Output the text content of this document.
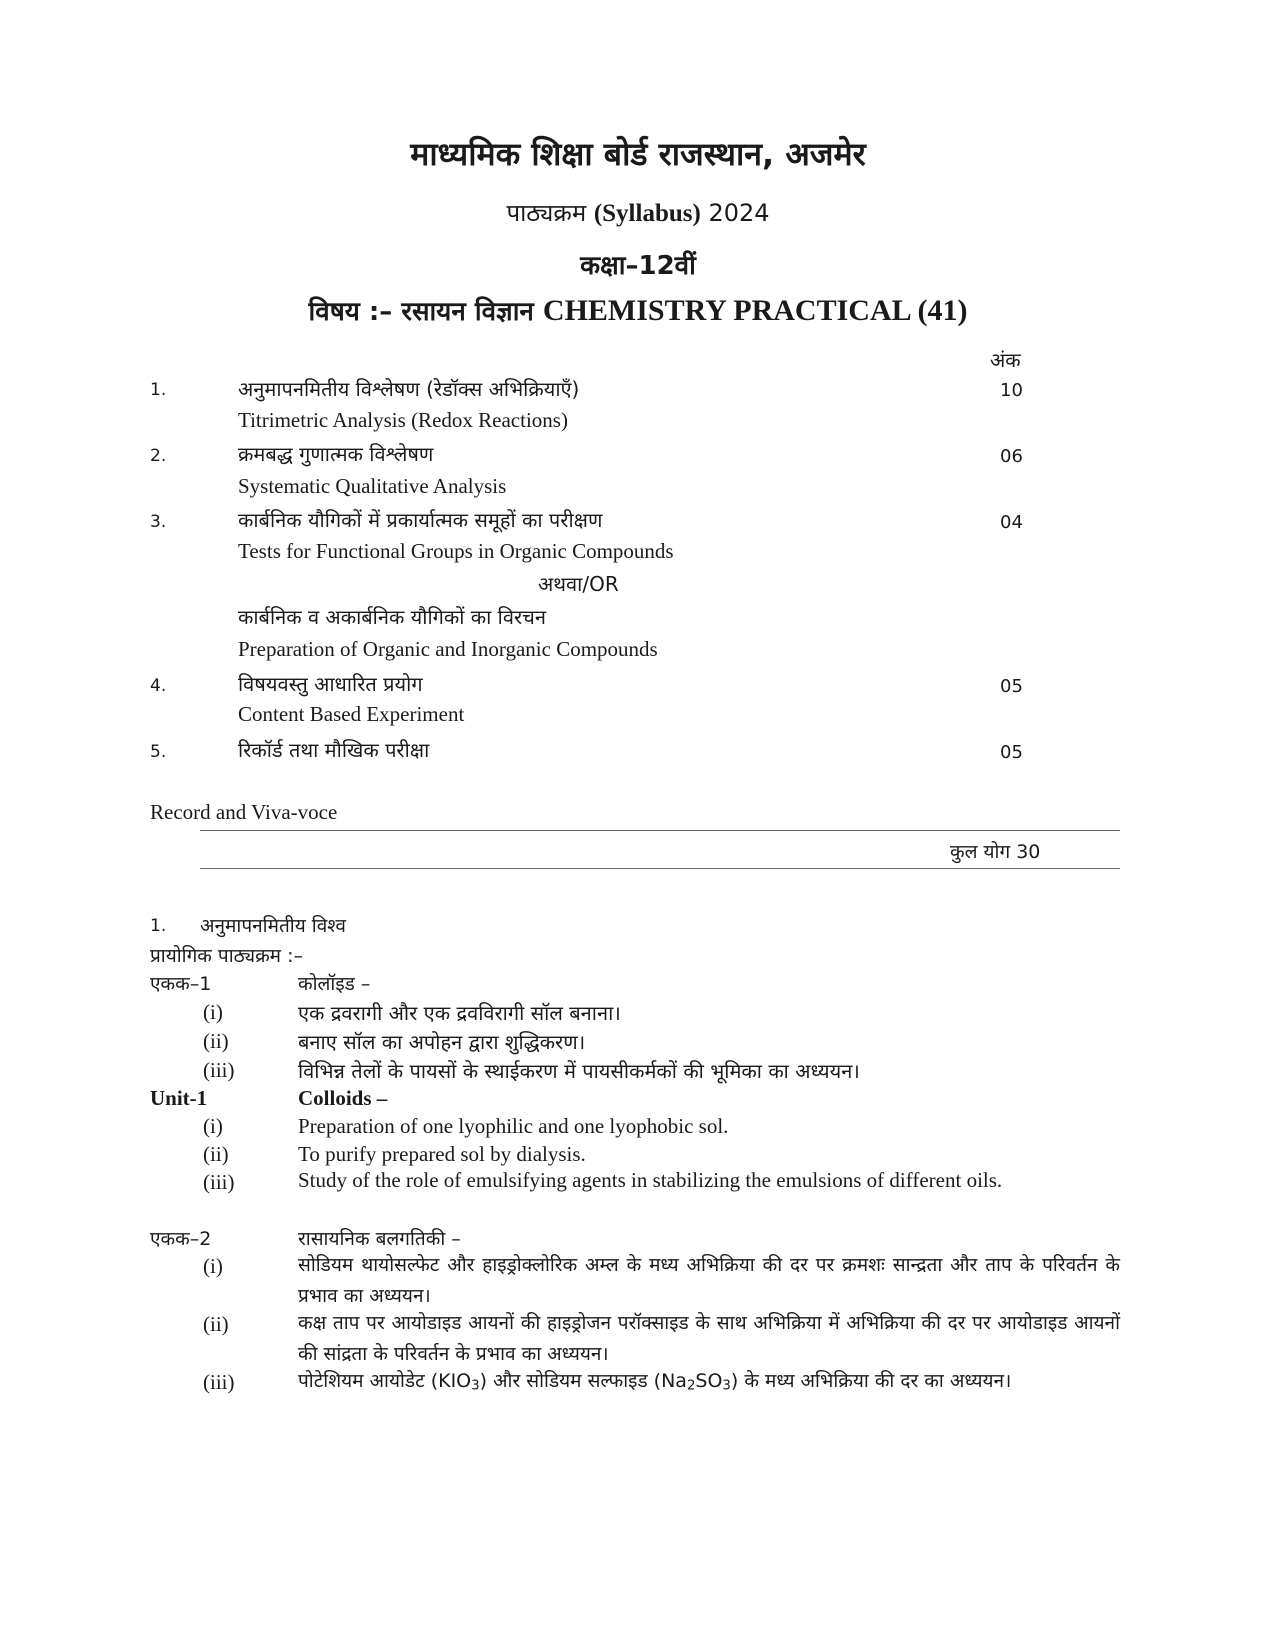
माध्यमिक शिक्षा बोर्ड राजस्थान, अजमेर
पाठ्यक्रम (Syllabus) 2024
कक्षा–12वीं
विषय :– रसायन विज्ञान CHEMISTRY PRACTICAL (41)
अंक
1.	अनुमापनमितीय विश्लेषण (रेडॉक्स अभिक्रियाएँ)	10
Titrimetric Analysis (Redox Reactions)
2.	क्रमबद्ध गुणात्मक विश्लेषण	06
Systematic Qualitative Analysis
3.	कार्बनिक यौगिकों में प्रकार्यात्मक समूहों का परीक्षण	04
Tests for Functional Groups in Organic Compounds
अथवा/OR
कार्बनिक व अकार्बनिक यौगिकों का विरचन
Preparation of Organic and Inorganic Compounds
4.	विषयवस्तु आधारित प्रयोग	05
Content Based Experiment
5.	रिकॉर्ड तथा मौखिक परीक्षा	05
Record and Viva-voce
कुल योग 30
1. अनुमापनमितीय विश्व
प्रायोगिक पाठ्यक्रम :–
एकक–1	कोलॉइड –
(i)	एक द्रवरागी और एक द्रवविरागी सॉल बनाना।
(ii)	बनाए सॉल का अपोहन द्वारा शुद्धिकरण।
(iii)	विभिन्न तेलों के पायसों के स्थाईकरण में पायसीकर्मकों की भूमिका का अध्ययन।
Unit-1	Colloids –
(i)	Preparation of one lyophilic and one lyophobic sol.
(ii)	To purify prepared sol by dialysis.
(iii)	Study of the role of emulsifying agents in stabilizing the emulsions of different oils.
एकक–2	रासायनिक बलगतिकी –
(i)	सोडियम थायोसल्फेट और हाइड्रोक्लोरिक अम्ल के मध्य अभिक्रिया की दर पर क्रमशः सान्द्रता और ताप के परिवर्तन के प्रभाव का अध्ययन।
(ii)	कक्ष ताप पर आयोडाइड आयनों की हाइड्रोजन परॉक्साइड के साथ अभिक्रिया में अभिक्रिया की दर पर आयोडाइड आयनों की सांद्रता के परिवर्तन के प्रभाव का अध्ययन।
(iii)	पोटेशियम आयोडेट $(KIO_3)$ और सोडियम सल्फाइड $(Na_2SO_3)$ के मध्य अभिक्रिया की दर का अध्ययन।
